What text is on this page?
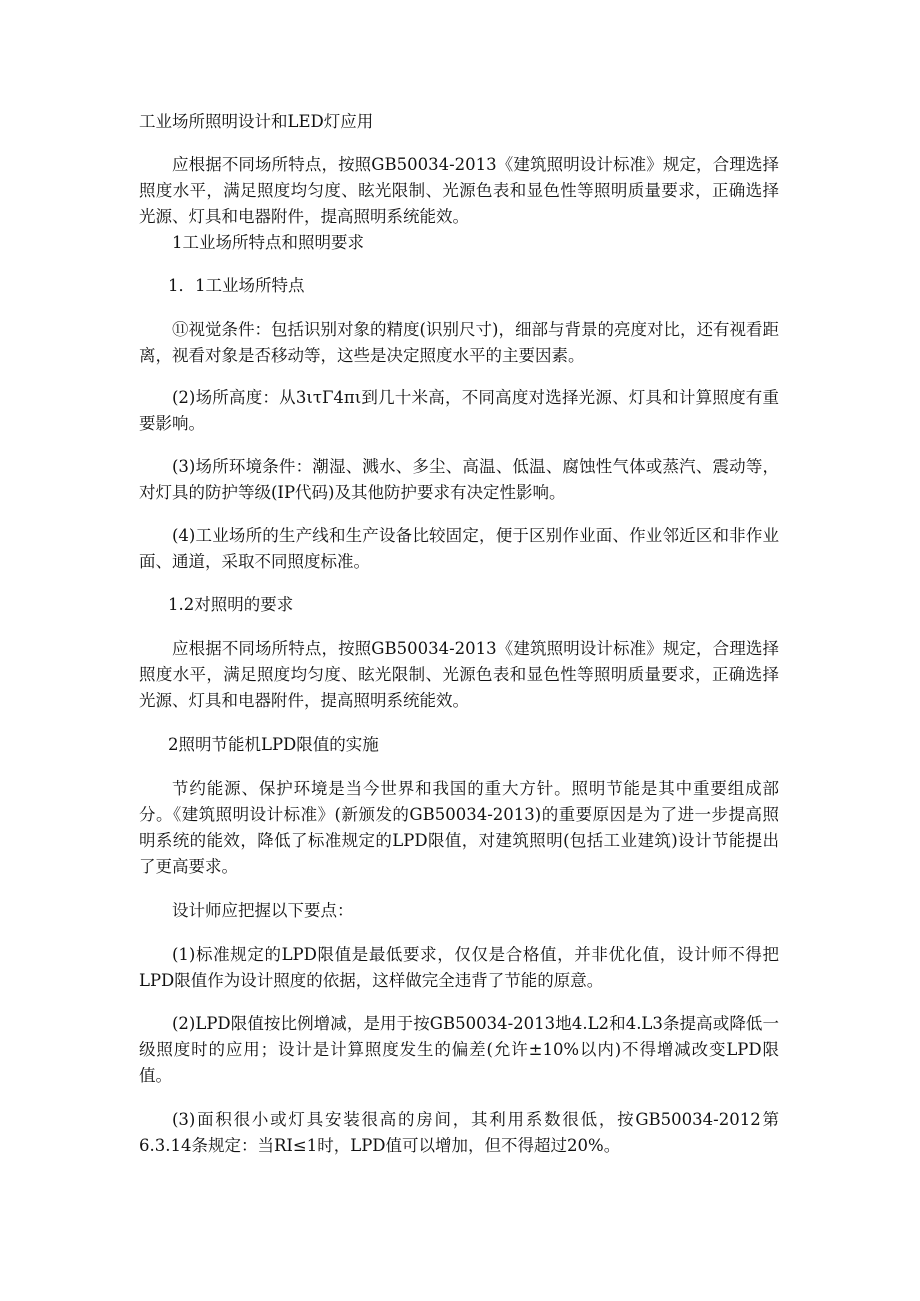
工业场所照明设计和LED灯应用

应根据不同场所特点，按照GB50034-2013《建筑照明设计标准》规定，合理选择照度水平，满足照度均匀度、眩光限制、光源色表和显色性等照明质量要求，正确选择光源、灯具和电器附件，提高照明系统能效。

1工业场所特点和照明要求

1．1工业场所特点

⑪视觉条件：包括识别对象的精度(识别尺寸)，细部与背景的亮度对比，还有视看距离，视看对象是否移动等，这些是决定照度水平的主要因素。

(2)场所高度：从3ιτΓ4πι到几十米高，不同高度对选择光源、灯具和计算照度有重要影响。

(3)场所环境条件：潮湿、溅水、多尘、高温、低温、腐蚀性气体或蒸汽、震动等，对灯具的防护等级(IP代码)及其他防护要求有决定性影响。

(4)工业场所的生产线和生产设备比较固定，便于区别作业面、作业邻近区和非作业面、通道，采取不同照度标准。

1.2对照明的要求

应根据不同场所特点，按照GB50034-2013《建筑照明设计标准》规定，合理选择照度水平，满足照度均匀度、眩光限制、光源色表和显色性等照明质量要求，正确选择光源、灯具和电器附件，提高照明系统能效。

2照明节能机LPD限值的实施

节约能源、保护环境是当今世界和我国的重大方针。照明节能是其中重要组成部分。《建筑照明设计标准》(新颁发的GB50034-2013)的重要原因是为了进一步提高照明系统的能效，降低了标准规定的LPD限值，对建筑照明(包括工业建筑)设计节能提出了更高要求。

设计师应把握以下要点：

(1)标准规定的LPD限值是最低要求，仅仅是合格值，并非优化值，设计师不得把LPD限值作为设计照度的依据，这样做完全违背了节能的原意。

(2)LPD限值按比例增减，是用于按GB50034-2013地4.L2和4.L3条提高或降低一级照度时的应用；设计是计算照度发生的偏差(允许±10%以内)不得增减改变LPD限值。

(3)面积很小或灯具安装很高的房间，其利用系数很低，按GB50034-2012第6.3.14条规定：当RI≤1时，LPD值可以增加，但不得超过20%。
